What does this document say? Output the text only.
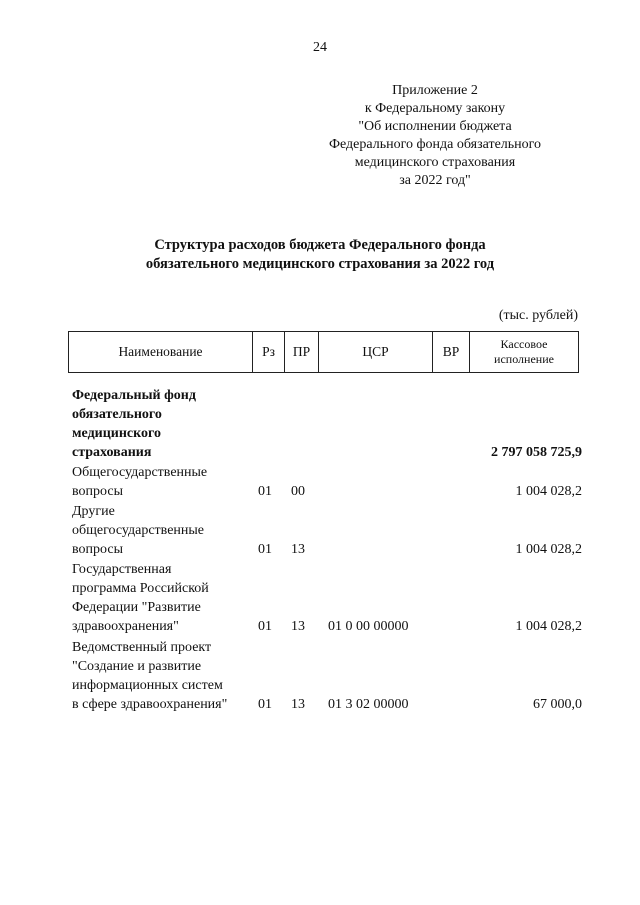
24
Приложение 2
к Федеральному закону
"Об исполнении бюджета
Федерального фонда обязательного
медицинского страхования
за 2022 год"
Структура расходов бюджета Федерального фонда
обязательного медицинского страхования за 2022 год
(тыс. рублей)
Наименование	Рз	ПР	ЦСР	ВР	Кассовое
исполнение
Федеральный фонд
обязательного
медицинского
страхования	2 797 058 725,9
Общегосударственные
вопросы	01 00	1 004 028,2
Другие
общегосударственные
вопросы	01 13	1 004 028,2
Государственная
программа Российской
Федерации "Развитие
здравоохранения"	01 13 01 0 00 00000	1 004 028,2
Ведомственный проект
"Создание и развитие
информационных систем
в сфере здравоохранения"	01 13 01 3 02 00000	67 000,0
